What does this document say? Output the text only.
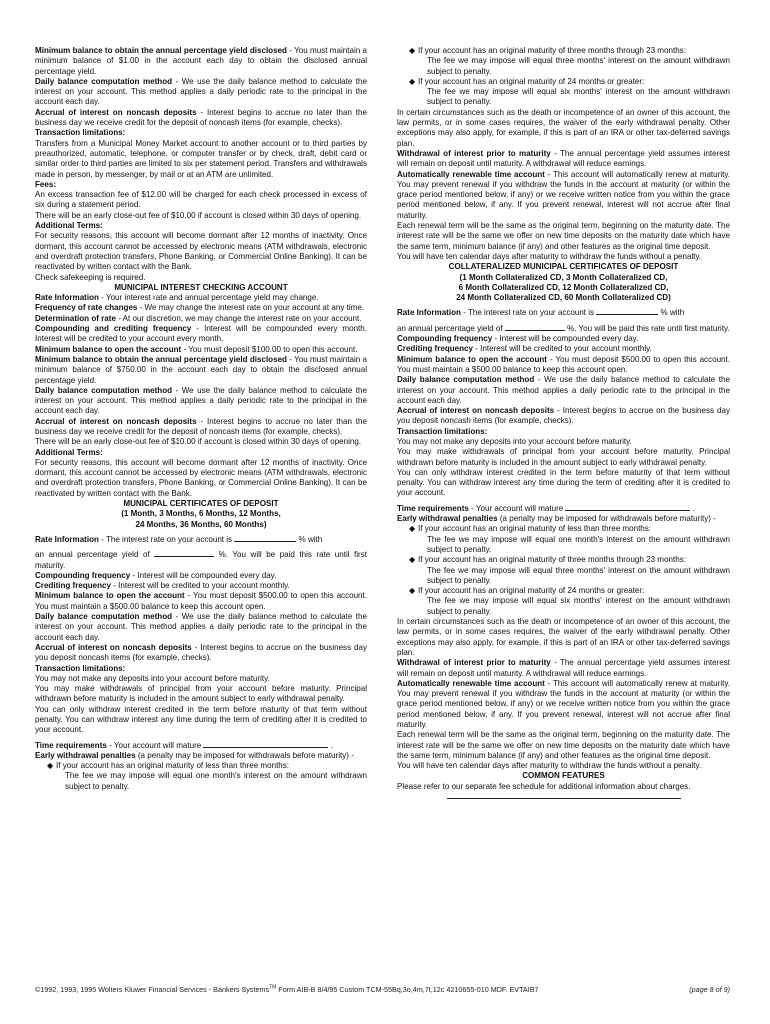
Minimum balance to obtain the annual percentage yield disclosed - You must maintain a minimum balance of $1.00 in the account each day to obtain the disclosed annual percentage yield.

Daily balance computation method - We use the daily balance method to calculate the interest on your account. This method applies a daily periodic rate to the principal in the account each day.

Accrual of interest on noncash deposits - Interest begins to accrue no later than the business day we receive credit for the deposit of noncash items (for example, checks).

Transaction limitations:

Transfers from a Municipal Money Market account to another account or to third parties by preauthorized, automatic, telephone, or computer transfer or by check, draft, debit card or similar order to third parties are limited to six per statement period. Transfers and withdrawals made in person, by messenger, by mail or at an ATM are unlimited.

Fees:

An excess transaction fee of $12.00 will be charged for each check processed in excess of six during a statement period.

There will be an early close-out fee of $10.00 if account is closed within 30 days of opening.

Additional Terms:

For security reasons, this account will become dormant after 12 months of inactivity. Once dormant, this account cannot be accessed by electronic means (ATM withdrawals, electronic and overdraft protection transfers, Phone Banking, or Commercial Online Banking). It can be reactivated by written contact with the Bank.

Check safekeeping is required.

MUNICIPAL INTEREST CHECKING ACCOUNT

Rate Information - Your interest rate and annual percentage yield may change.

Frequency of rate changes - We may change the interest rate on your account at any time.

Determination of rate - At our discretion, we may change the interest rate on your account.

Compounding and crediting frequency - Interest will be compounded every month. Interest will be credited to your account every month.

Minimum balance to open the account - You must deposit $100.00 to open this account.

Minimum balance to obtain the annual percentage yield disclosed - You must maintain a minimum balance of $750.00 in the account each day to obtain the disclosed annual percentage yield.

Daily balance computation method - We use the daily balance method to calculate the interest on your account. This method applies a daily periodic rate to the principal in the account each day.

Accrual of interest on noncash deposits - Interest begins to accrue no later than the business day we receive credit for the deposit of noncash items (for example, checks).

There will be an early close-out fee of $10.00 if account is closed within 30 days of opening.

Additional Terms:

For security reasons, this account will become dormant after 12 months of inactivity. Once dormant, this account cannot be accessed by electronic means (ATM withdrawals, electronic and overdraft protection transfers, Phone Banking, or Commercial Online Banking). It can be reactivated by written contact with the Bank.

MUNICIPAL CERTIFICATES OF DEPOSIT

(1 Month, 3 Months, 6 Months, 12 Months,

24 Months, 36 Months, 60 Months)

Rate Information - The interest rate on your account is	% with

an annual percentage yield of	%. You will be paid this rate until first maturity.

Compounding frequency - Interest will be compounded every day.

Crediting frequency - Interest will be credited to your account monthly.

Minimum balance to open the account - You must deposit $500.00 to open this account. You must maintain a $500.00 balance to keep this account open.

Daily balance computation method - We use the daily balance method to calculate the interest on your account. This method applies a daily periodic rate to the principal in the account each day.

Accrual of interest on noncash deposits - Interest begins to accrue on the business day you deposit noncash items (for example, checks).

Transaction limitations:

You may not make any deposits into your account before maturity.

You may make withdrawals of principal from your account before maturity. Principal withdrawn before maturity is included in the amount subject to early withdrawal penalty.

You can only withdraw interest credited in the term before maturity of that term without penalty. You can withdraw interest any time during the term of crediting after it is credited to your account.

Time requirements - Your account will mature	.

Early withdrawal penalties (a penalty may be imposed for withdrawals before maturity) -

◆ If your account has an original maturity of less than three months:

The fee we may impose will equal one month's interest on the amount withdrawn subject to penalty.

◆ If your account has an original maturity of three months through 23 months:

The fee we may impose will equal three months' interest on the amount withdrawn subject to penalty.

◆ If your account has an original maturity of 24 months or greater:

The fee we may impose will equal six months' interest on the amount withdrawn subject to penalty.

In certain circumstances such as the death or incompetence of an owner of this account, the law permits, or in some cases requires, the waiver of the early withdrawal penalty. Other exceptions may also apply, for example, if this is part of an IRA or other tax-deferred savings plan.

Withdrawal of interest prior to maturity - The annual percentage yield assumes interest will remain on deposit until maturity. A withdrawal will reduce earnings.

Automatically renewable time account - This account will automatically renew at maturity. You may prevent renewal if you withdraw the funds in the account at maturity (or within the grace period mentioned below, if any) or we receive written notice from you within the grace period mentioned below, if any. If you prevent renewal, interest will not accrue after final maturity.

Each renewal term will be the same as the original term, beginning on the maturity date. The interest rate will be the same we offer on new time deposits on the maturity date which have the same term, minimum balance (if any) and other features as the original time deposit.

You will have ten calendar days after maturity to withdraw the funds without a penalty.

COLLATERALIZED MUNICIPAL CERTIFICATES OF DEPOSIT

(1 Month Collateralized CD, 3 Month Collateralized CD,

6 Month Collateralized CD, 12 Month Collateralized CD,

24 Month Collateralized CD, 60 Month Collateralized CD)

Rate Information - The interest rate on your account is	% with

an annual percentage yield of	%. You will be paid this rate until first maturity.

Compounding frequency - Interest will be compounded every day.

Crediting frequency - Interest will be credited to your account monthly.

Minimum balance to open the account - You must deposit $500.00 to open this account. You must maintain a $500.00 balance to keep this account open.

Daily balance computation method - We use the daily balance method to calculate the interest on your account. This method applies a daily periodic rate to the principal in the account each day.

Accrual of interest on noncash deposits - Interest begins to accrue on the business day you deposit noncash items (for example, checks).

Transaction limitations:

You may not make any deposits into your account before maturity.

You may make withdrawals of principal from your account before maturity. Principal withdrawn before maturity is included in the amount subject to early withdrawal penalty.

You can only withdraw interest credited in the term before maturity of that term without penalty. You can withdraw interest any time during the term of crediting after it is credited to your account.

Time requirements - Your account will mature	.

Early withdrawal penalties (a penalty may be imposed for withdrawals before maturity) -

◆ If your account has an original maturity of less than three months:

The fee we may impose will equal one month's interest on the amount withdrawn subject to penalty.

◆ If your account has an original maturity of three months through 23 months:

The fee we may impose will equal three months' interest on the amount withdrawn subject to penalty.

◆ If your account has an original maturity of 24 months or greater:

The fee we may impose will equal six months' interest on the amount withdrawn subject to penalty.

In certain circumstances such as the death or incompetence of an owner of this account, the law permits, or in some cases requires, the waiver of the early withdrawal penalty. Other exceptions may also apply, for example, if this is part of an IRA or other tax-deferred savings plan.

Withdrawal of interest prior to maturity - The annual percentage yield assumes interest will remain on deposit until maturity. A withdrawal will reduce earnings.

Automatically renewable time account - This account will automatically renew at maturity. You may prevent renewal if you withdraw the funds in the account at maturity (or within the grace period mentioned below, if any) or we receive written notice from you within the grace period mentioned below, if any. If you prevent renewal, interest will not accrue after final maturity.

Each renewal term will be the same as the original term, beginning on the maturity date. The interest rate will be the same we offer on new time deposits on the maturity date which have the same term, minimum balance (if any) and other features as the original time deposit.

You will have ten calendar days after maturity to withdraw the funds without a penalty.

COMMON FEATURES

Please refer to our separate fee schedule for additional information about charges.

©1992, 1993, 1995 Wolters Kluwer Financial Services - Bankers Systems™ Form AIB-B 8/4/95 Custom TCM-55Bq,3o,4m,7t,12c 4210655-010 MDF. EVTAIB7	(page 8 of 9)
